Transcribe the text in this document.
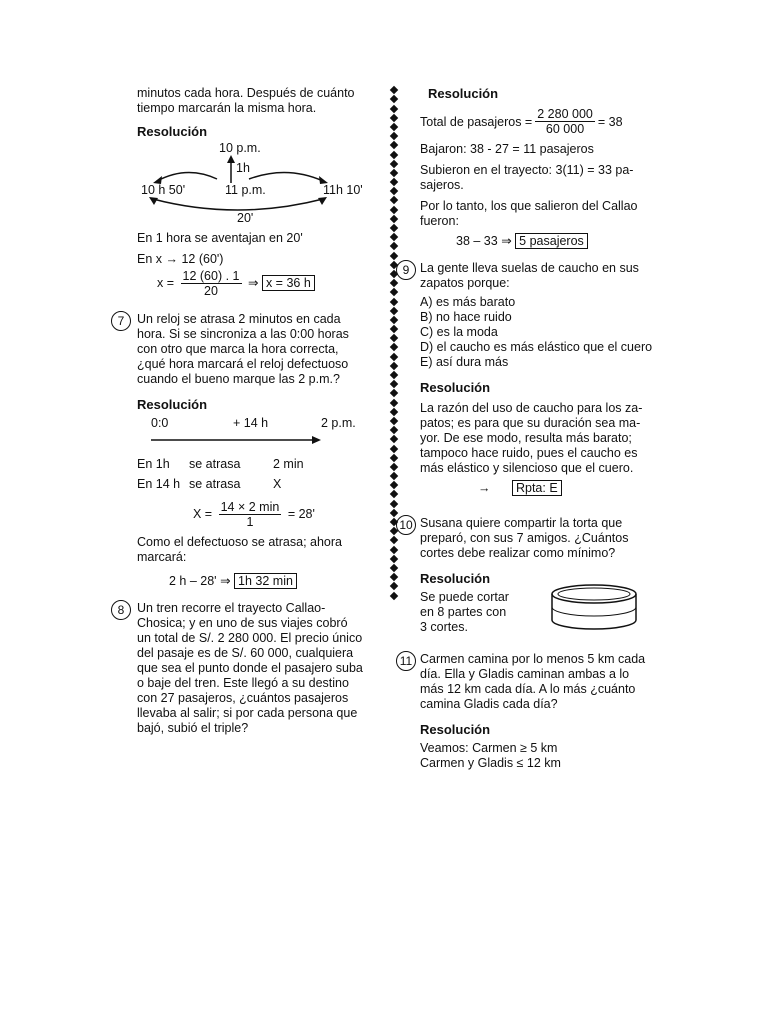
minutos cada hora. Después de cuánto

tiempo marcarán la misma hora.

Resolución

10 p.m.
1h
10 h 50'	11 p.m.	11h 10'
20'

En 1 hora se aventajan en 20'

En x → 12 (60')

$x = \frac{12 (60) . 1}{20}$ ⇒ x = 36 h
7	Un reloj se atrasa 2 minutos en cada

hora. Si se sincroniza a las 0:00 horas

con otro que marca la hora correcta,

¿qué hora marcará el reloj defectuoso

cuando el bueno marque las 2 p.m.?

Resolución

0:0	+ 14 h	2 p.m.
En 1h	se atrasa	2 min
En 14 h se atrasa	X
$X = \frac{14 \times 2 \min}{1} = 28'$

Como el defectuoso se atrasa; ahora

marcará:

2 h – 28' ⇒ 1h 32 min
8	Un tren recorre el trayecto Callao-

Chosica; y en uno de sus viajes cobró

un total de S/. 2 280 000. El precio único

del pasaje es de S/. 60 000, cualquiera

que sea el punto donde el pasajero suba

o baje del tren. Este llegó a su destino

con 27 pasajeros, ¿cuántos pasajeros

llevaba al salir; si por cada persona que

bajó, subió el triple?

Resolución

Total de pasajeros = $\frac{2 280 000}{60 000} = 38$

Bajaron: 38 - 27 = 11 pasajeros

Subieron en el trayecto: 3(11) = 33 pa-

sajeros.

Por lo tanto, los que salieron del Callao

fueron:

38 – 33 ⇒ 5 pasajeros
9 La gente lleva suelas de caucho en sus

zapatos porque:

A) es más barato

B) no hace ruido

C) es la moda

D) el caucho es más elástico que el cuero

E) así dura más

Resolución

La razón del uso de caucho para los za-

patos; es para que su duración sea ma-

yor. De ese modo, resulta más barato;

tampoco hace ruido, pues el caucho es

más elástico y silencioso que el cuero.

→ Rpta: E
10 Susana quiere compartir la torta que

preparó, con sus 7 amigos. ¿Cuántos

cortes debe realizar como mínimo?

Resolución

Se puede cortar

en 8 partes con

3 cortes.

11 Carmen camina por lo menos 5 km cada

día. Ella y Gladis caminan ambas a lo

más 12 km cada día. A lo más ¿cuánto

camina Gladis cada día?

Resolución

Veamos: Carmen ≥ 5 km

Carmen y Gladis ≤ 12 km
